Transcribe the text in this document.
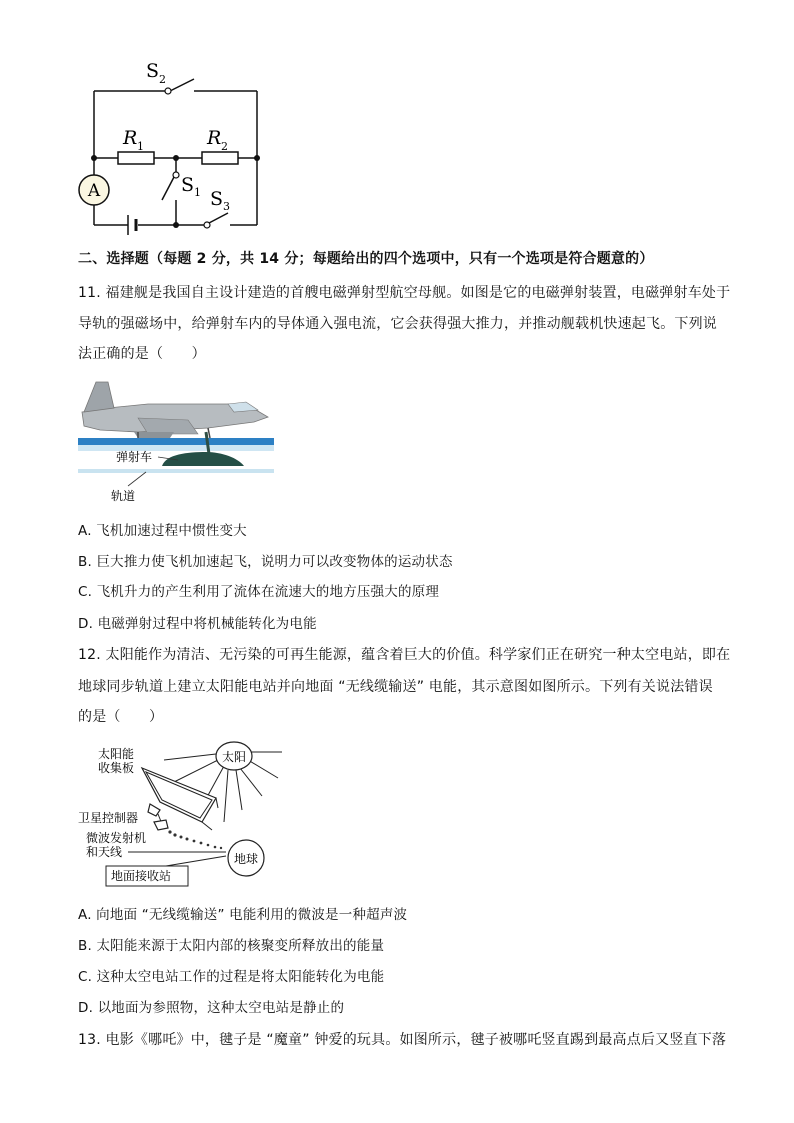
A
S 2
R 1	R 2
S 1 S 3
二、选择题（每题 2 分，共 14 分；每题给出的四个选项中，只有一个选项是符合题意的）
11. 福建舰是我国自主设计建造的首艘电磁弹射型航空母舰。如图是它的电磁弹射装置，电磁弹射车处于
导轨的强磁场中，给弹射车内的导体通入强电流，它会获得强大推力，并推动舰载机快速起飞。下列说
法正确的是（　　）
弹射车
轨道
A. 飞机加速过程中惯性变大
B. 巨大推力使飞机加速起飞，说明力可以改变物体的运动状态
C. 飞机升力的产生利用了流体在流速大的地方压强大的原理
D. 电磁弹射过程中将机械能转化为电能
12. 太阳能作为清洁、无污染的可再生能源，蕴含着巨大的价值。科学家们正在研究一种太空电站，即在
地球同步轨道上建立太阳能电站并向地面 “无线缆输送” 电能，其示意图如图所示。下列有关说法错误
的是（　　）
太阳
地球
太阳能
收集板
卫星控制器
微波发射机
和天线
地面接收站
A. 向地面 “无线缆输送” 电能利用的微波是一种超声波
B. 太阳能来源于太阳内部的核聚变所释放出的能量
C. 这种太空电站工作的过程是将太阳能转化为电能
D. 以地面为参照物，这种太空电站是静止的
13. 电影《哪吒》中，毽子是 “魔童” 钟爱的玩具。如图所示，毽子被哪吒竖直踢到最高点后又竖直下落
